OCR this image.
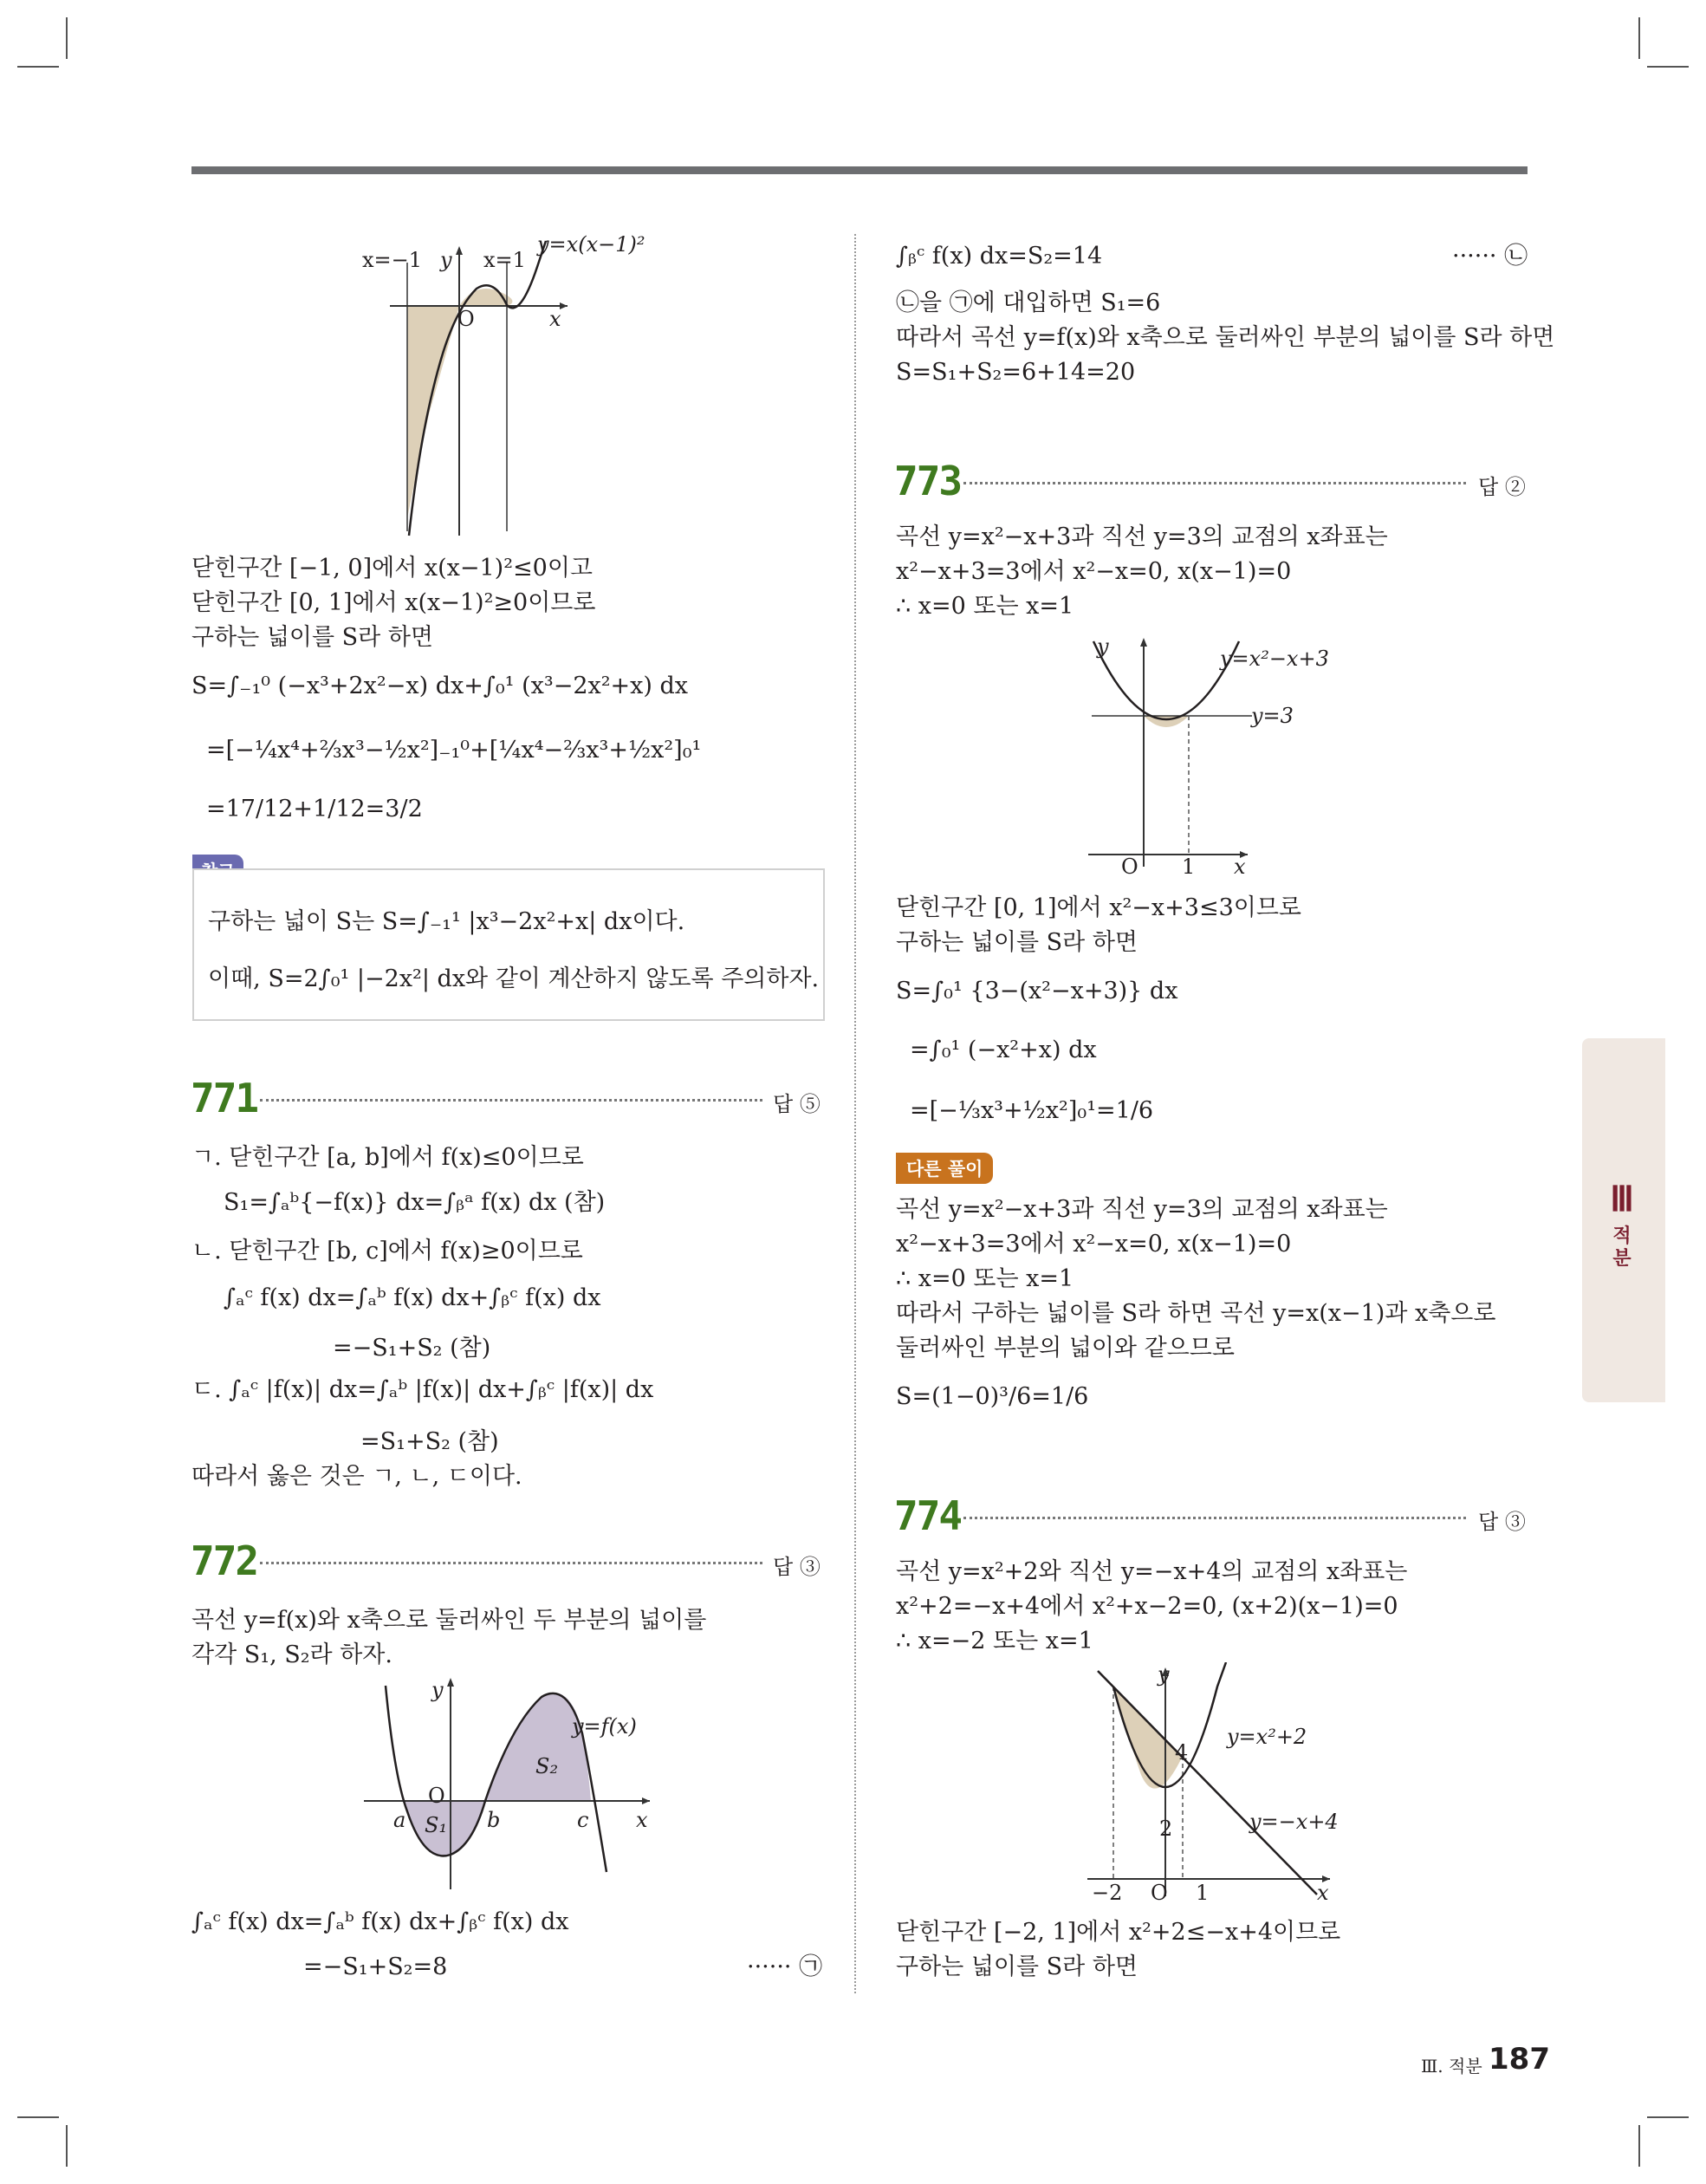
x=−1 y x=1
y=x(x−1)²
O	x
닫힌구간 [−1, 0]에서 x(x−1)²≤0이고
닫힌구간 [0, 1]에서 x(x−1)²≥0이므로
구하는 넓이를 S라 하면
S=∫₋₁⁰ (−x³+2x²−x) dx+∫₀¹ (x³−2x²+x) dx
=[−¼x⁴+⅔x³−½x²]₋₁⁰+[¼x⁴−⅔x³+½x²]₀¹
=17/12+1/12=3/2
구하는 넓이 S는 S=∫₋₁¹ |x³−2x²+x| dx이다.
이때, S=2∫₀¹ |−2x²| dx와 같이 계산하지 않도록 주의하자.
771	답 ⑤
ㄱ. 닫힌구간 [a, b]에서 f(x)≤0이므로
S₁=∫ₐᵇ{−f(x)} dx=∫ᵦᵃ f(x) dx (참)
ㄴ. 닫힌구간 [b, c]에서 f(x)≥0이므로
∫ₐᶜ f(x) dx=∫ₐᵇ f(x) dx+∫ᵦᶜ f(x) dx
=−S₁+S₂ (참)
ㄷ. ∫ₐᶜ |f(x)| dx=∫ₐᵇ |f(x)| dx+∫ᵦᶜ |f(x)| dx
=S₁+S₂ (참)
따라서 옳은 것은 ㄱ, ㄴ, ㄷ이다.
772	답 ③
곡선 y=f(x)와 x축으로 둘러싸인 두 부분의 넓이를
각각 S₁, S₂라 하자.
y
y=f(x)
S₂
O
a S₁ b	c x
∫ₐᶜ f(x) dx=∫ₐᵇ f(x) dx+∫ᵦᶜ f(x) dx
=−S₁+S₂=8	······ ㉠
∫ᵦᶜ f(x) dx=S₂=14	······ ㉡
㉡을 ㉠에 대입하면 S₁=6
따라서 곡선 y=f(x)와 x축으로 둘러싸인 부분의 넓이를 S라 하면
S=S₁+S₂=6+14=20
773	답 ②
곡선 y=x²−x+3과 직선 y=3의 교점의 x좌표는
x²−x+3=3에서 x²−x=0, x(x−1)=0
∴ x=0 또는 x=1
y	y=x²−x+3
y=3
O 1 x
닫힌구간 [0, 1]에서 x²−x+3≤3이므로
구하는 넓이를 S라 하면
S=∫₀¹ {3−(x²−x+3)} dx
=∫₀¹ (−x²+x) dx
=[−⅓x³+½x²]₀¹=1/6
다른 풀이
곡선 y=x²−x+3과 직선 y=3의 교점의 x좌표는
x²−x+3=3에서 x²−x=0, x(x−1)=0
∴ x=0 또는 x=1
따라서 구하는 넓이를 S라 하면 곡선 y=x(x−1)과 x축으로
둘러싸인 부분의 넓이와 같으므로
S=(1−0)³/6=1/6
774	답 ③
곡선 y=x²+2와 직선 y=−x+4의 교점의 x좌표는
x²+2=−x+4에서 x²+x−2=0, (x+2)(x−1)=0
∴ x=−2 또는 x=1
y
y=x²+2
y=−x+4
4
2
−2 O 1	x
닫힌구간 [−2, 1]에서 x²+2≤−x+4이므로
구하는 넓이를 S라 하면
Ⅲ
적분
Ⅲ. 적분 187
